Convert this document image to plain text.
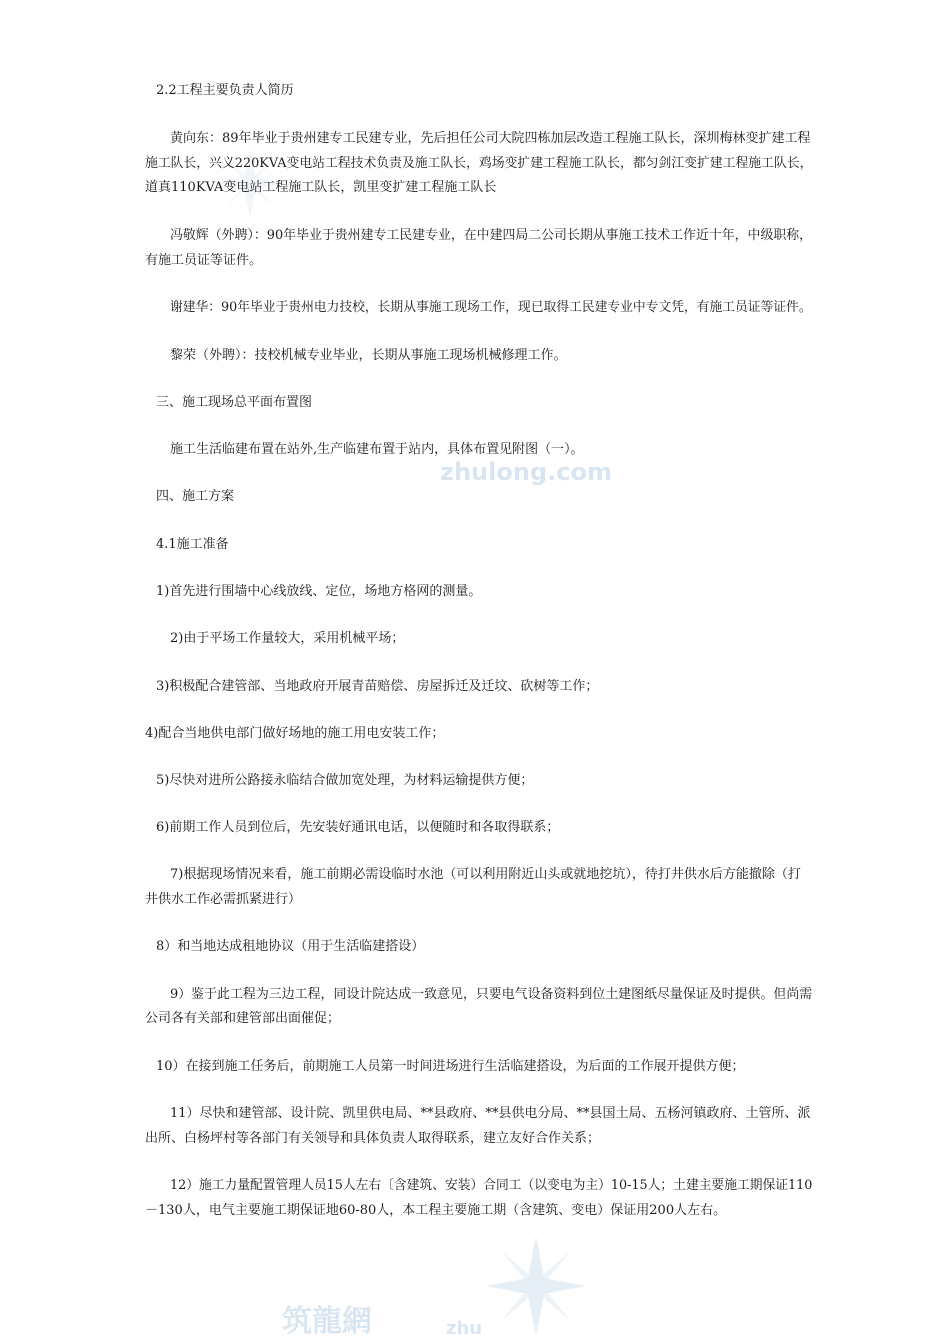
zhulong.com
筑龍網	zhu
2.2工程主要负责人简历
黄向东：89年毕业于贵州建专工民建专业，先后担任公司大院四栋加层改造工程施工队长，深圳梅林变扩建工程
施工队长，兴义220KVA变电站工程技术负责及施工队长，鸡场变扩建工程施工队长，都匀剑江变扩建工程施工队长，
道真110KVA变电站工程施工队长，凯里变扩建工程施工队长
冯敬辉（外聘）：90年毕业于贵州建专工民建专业，在中建四局二公司长期从事施工技术工作近十年，中级职称，
有施工员证等证件。
谢建华：90年毕业于贵州电力技校，长期从事施工现场工作，现已取得工民建专业中专文凭，有施工员证等证件。
黎荣（外聘）：技校机械专业毕业，长期从事施工现场机械修理工作。
三、施工现场总平面布置图
施工生活临建布置在站外,生产临建布置于站内，具体布置见附图（一）。
四、施工方案
4.1施工准备
1)首先进行围墙中心线放线、定位，场地方格网的测量。
2)由于平场工作量较大，采用机械平场；
3)积极配合建管部、当地政府开展青苗赔偿、房屋拆迁及迁坟、砍树等工作；
4)配合当地供电部门做好场地的施工用电安装工作；
5)尽快对进所公路接永临结合做加宽处理，为材料运输提供方便；
6)前期工作人员到位后，先安装好通讯电话，以便随时和各取得联系；
7)根据现场情况来看，施工前期必需设临时水池（可以利用附近山头或就地挖坑），待打井供水后方能撤除（打
井供水工作必需抓紧进行）
8）和当地达成租地协议（用于生活临建搭设）
9）鉴于此工程为三边工程，同设计院达成一致意见，只要电气设备资料到位土建图纸尽量保证及时提供。但尚需
公司各有关部和建管部出面催促；
10）在接到施工任务后，前期施工人员第一时间进场进行生活临建搭设，为后面的工作展开提供方便；
11）尽快和建管部、设计院、凯里供电局、**县政府、**县供电分局、**县国土局、五杨河镇政府、土管所、派
出所、白杨坪村等各部门有关领导和具体负责人取得联系，建立友好合作关系；
12）施工力量配置管理人员15人左右〔含建筑、安装）合同工（以变电为主）10-15人；土建主要施工期保证110
－130人，电气主要施工期保证地60-80人，本工程主要施工期（含建筑、变电）保证用200人左右。
